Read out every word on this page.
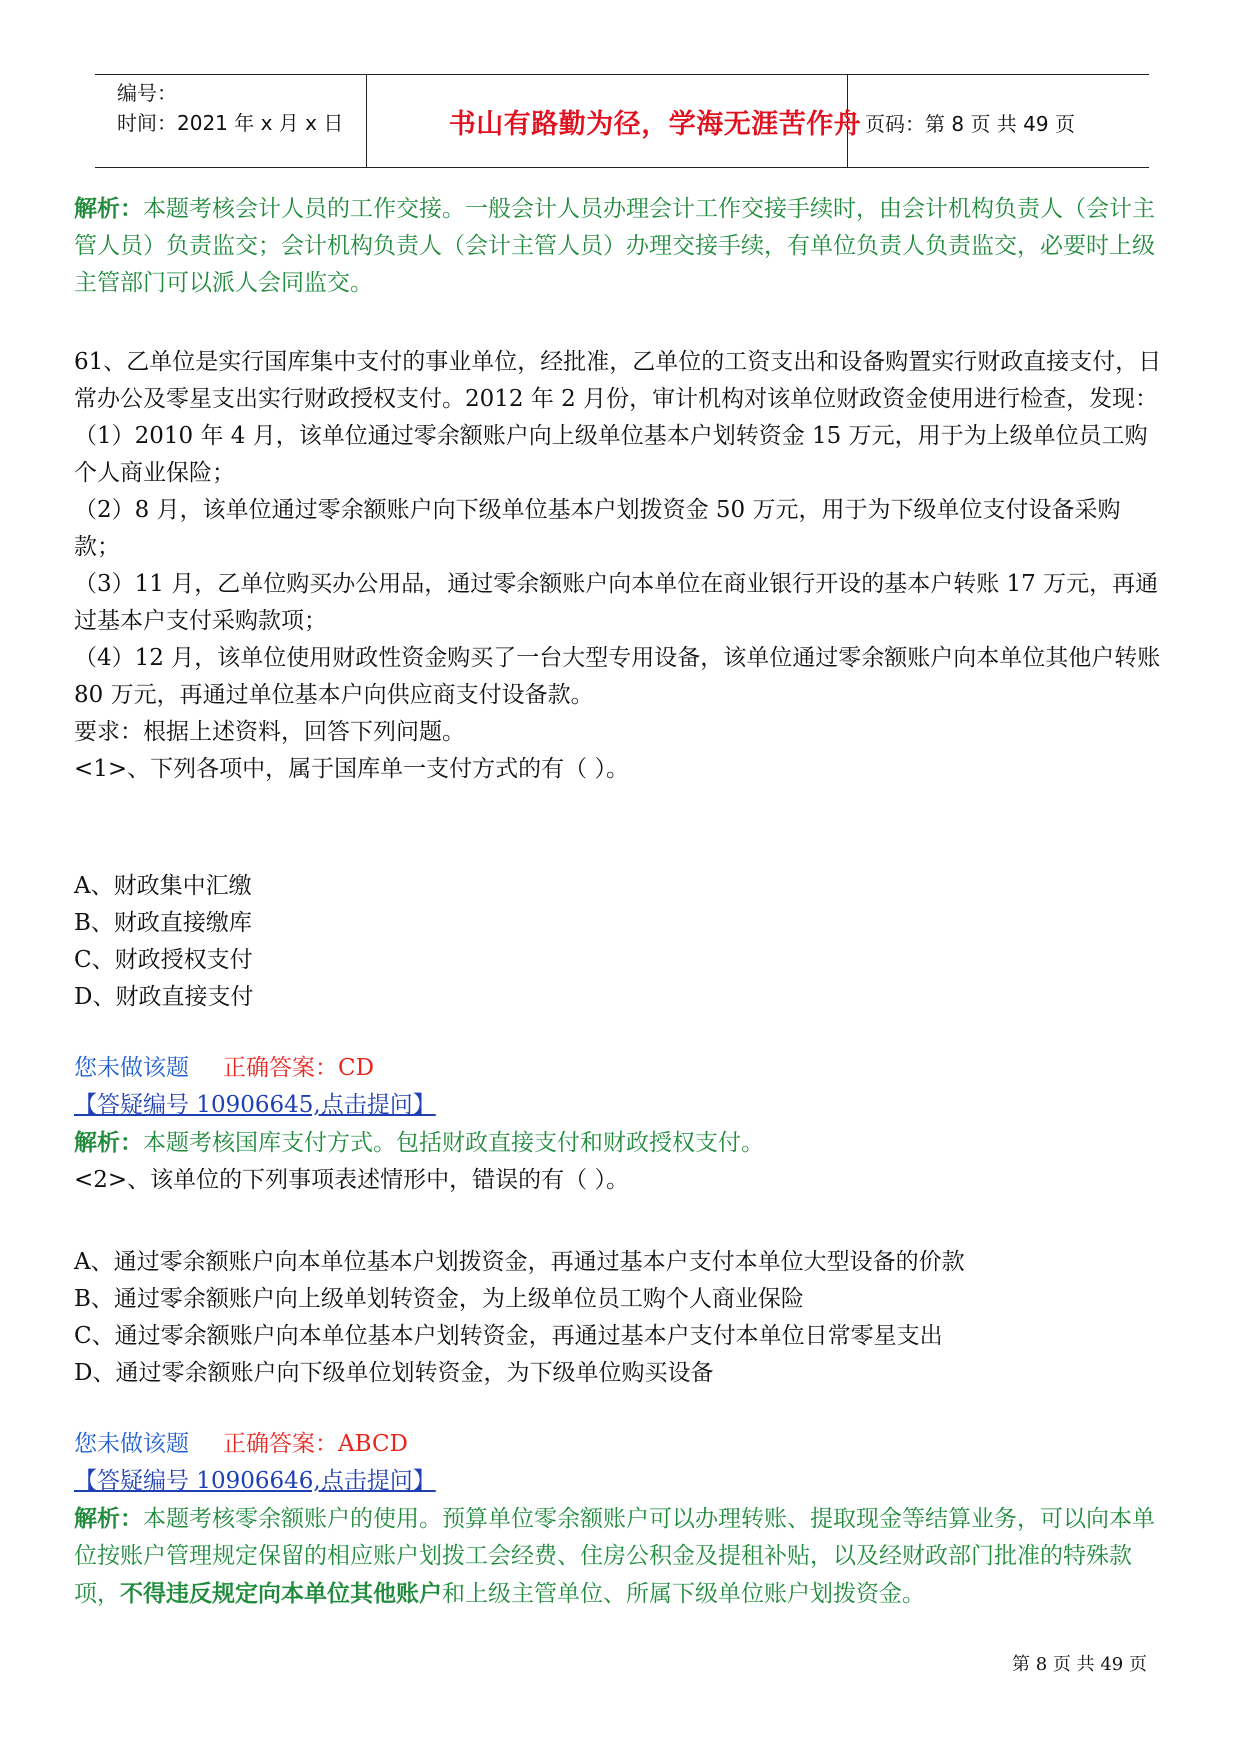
编号：
时间：2021 年 x 月 x 日	书山有路勤为径，学海无涯苦作舟 页码：第 8 页 共 49 页

解析：本题考核会计人员的工作交接。一般会计人员办理会计工作交接手续时，由会计机构负责人（会计主管人员）负责监交；会计机构负责人（会计主管人员）办理交接手续，有单位负责人负责监交，必要时上级主管部门可以派人会同监交。

61、乙单位是实行国库集中支付的事业单位，经批准，乙单位的工资支出和设备购置实行财政直接支付，日常办公及零星支出实行财政授权支付。2012 年 2 月份，审计机构对该单位财政资金使用进行检查，发现：

（1）2010 年 4 月，该单位通过零余额账户向上级单位基本户划转资金 15 万元，用于为上级单位员工购个人商业保险；

（2）8 月，该单位通过零余额账户向下级单位基本户划拨资金 50 万元，用于为下级单位支付设备采购款；

（3）11 月，乙单位购买办公用品，通过零余额账户向本单位在商业银行开设的基本户转账 17 万元，再通过基本户支付采购款项；

（4）12 月，该单位使用财政性资金购买了一台大型专用设备，该单位通过零余额账户向本单位其他户转账 80 万元，再通过单位基本户向供应商支付设备款。

要求：根据上述资料，回答下列问题。

<1>、下列各项中，属于国库单一支付方式的有（ ）。

A、财政集中汇缴

B、财政直接缴库

C、财政授权支付

D、财政直接支付

您未做该题 正确答案：CD

【答疑编号 10906645,点击提问】

解析：本题考核国库支付方式。包括财政直接支付和财政授权支付。

<2>、该单位的下列事项表述情形中，错误的有（ ）。

A、通过零余额账户向本单位基本户划拨资金，再通过基本户支付本单位大型设备的价款

B、通过零余额账户向上级单划转资金，为上级单位员工购个人商业保险

C、通过零余额账户向本单位基本户划转资金，再通过基本户支付本单位日常零星支出

D、通过零余额账户向下级单位划转资金，为下级单位购买设备

您未做该题 正确答案：ABCD

【答疑编号 10906646,点击提问】

解析：本题考核零余额账户的使用。预算单位零余额账户可以办理转账、提取现金等结算业务，可以向本单位按账户管理规定保留的相应账户划拨工会经费、住房公积金及提租补贴，以及经财政部门批准的特殊款项，不得违反规定向本单位其他账户和上级主管单位、所属下级单位账户划拨资金。

第 8 页 共 49 页
